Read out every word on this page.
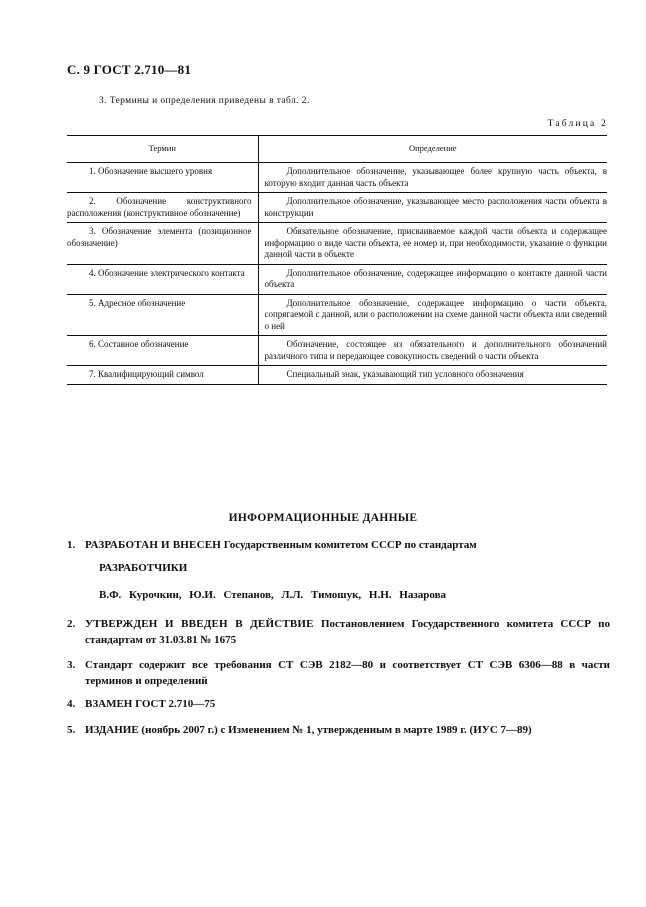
С. 9 ГОСТ 2.710—81
3. Термины и определения приведены в табл. 2.
Таблица 2
Термин	Определение
1. Обозначение высшего уровня	Дополнительное обозначение, указывающее более крупную часть объекта, в которую входит данная часть объекта
2. Обозначение конструктивного расположения (конструктивное обозначение)	Дополнительное обозначение, указывающее место расположения части объекта в конструкции
3. Обозначение элемента (позиционное обозначение)	Обязательное обозначение, присваиваемое каждой части объекта и содержащее информацию о виде части объекта, ее номер и, при необходимости, указание о функции данной части в объекте
4. Обозначение электрического контакта	Дополнительное обозначение, содержащее информацию о контакте данной части объекта
5. Адресное обозначение	Дополнительное обозначение, содержащее информацию о части объекта, сопрягаемой с данной, или о расположении на схеме данной части объекта или сведений о ней
6. Составное обозначение	Обозначение, состоящее из обязательного и дополнительного обозначений различного типа и передающее совокупность сведений о части объекта
7. Квалифицирующий символ	Специальный знак, указывающий тип условного обозначения
ИНФОРМАЦИОННЫЕ ДАННЫЕ
1. РАЗРАБОТАН И ВНЕСЕН Государственным комитетом СССР по стандартам
РАЗРАБОТЧИКИ
В.Ф. Курочкин, Ю.И. Степанов, Л.Л. Тимошук, Н.Н. Назарова
2. УТВЕРЖДЕН И ВВЕДЕН В ДЕЙСТВИЕ Постановлением Государственного комитета СССР по стандартам от 31.03.81 № 1675
3. Стандарт содержит все требования СТ СЭВ 2182—80 и соответствует СТ СЭВ 6306—88 в части терминов и определений
4. ВЗАМЕН ГОСТ 2.710—75
5. ИЗДАНИЕ (ноябрь 2007 г.) с Изменением № 1, утвержденным в марте 1989 г. (ИУС 7—89)
